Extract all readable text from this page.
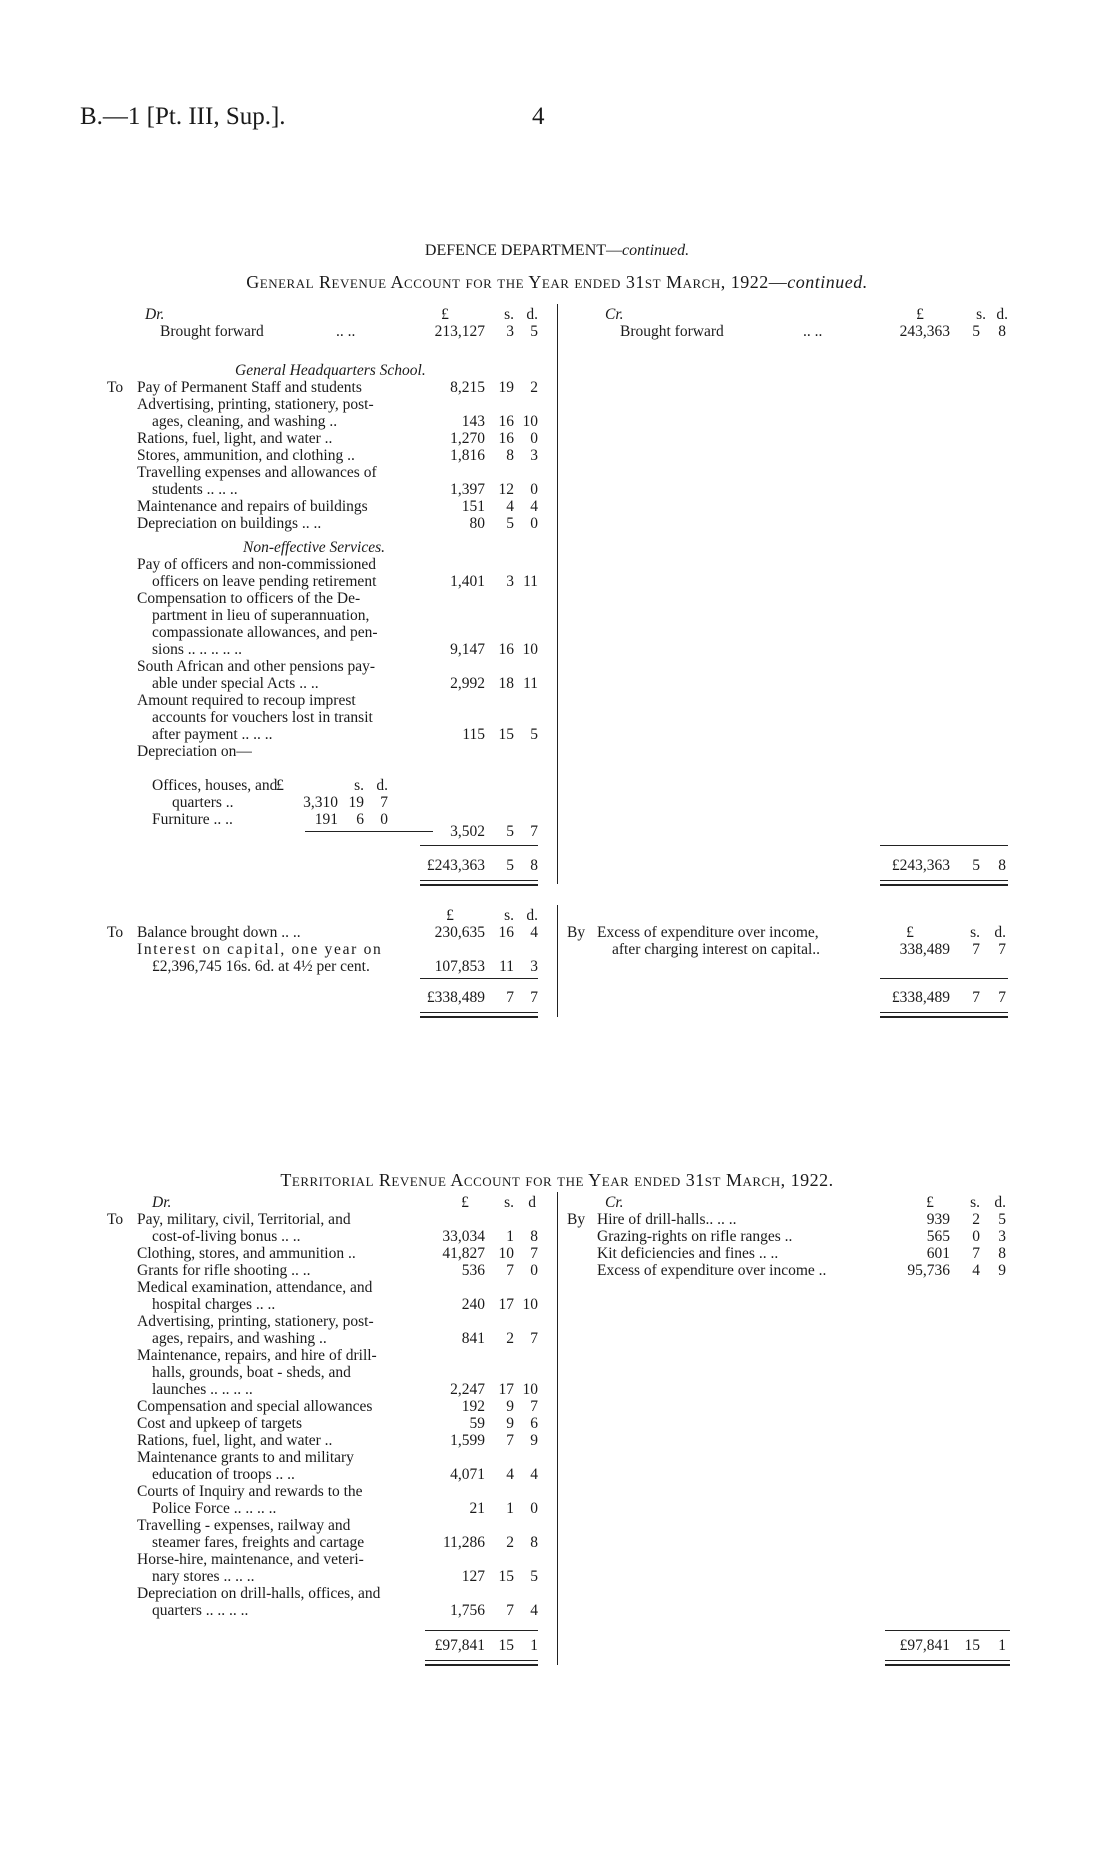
B.—1 [Pt. III, Sup.].	4
DEFENCE DEPARTMENT—continued.
General Revenue Account for the Year ended 31st March, 1922—continued.
Dr.	£	s. d.
Brought forward	.. ..	213,127	3	5
General Headquarters School.
To Pay of Permanent Staff and students	8,215 19	2
Advertising, printing, stationery, post-
ages, cleaning, and washing ..	143 16 10
Rations, fuel, light, and water ..	1,270 16	0
Stores, ammunition, and clothing ..	1,816	8	3
Travelling expenses and allowances of
students .. .. ..	1,397 12	0
Maintenance and repairs of buildings	151	4	4
Depreciation on buildings .. ..	80	5	0
Non-effective Services.
Pay of officers and non-commissioned
officers on leave pending retirement	1,401	3 11
Compensation to officers of the De-
partment in lieu of superannuation,
compassionate allowances, and pen-
sions .. .. .. .. ..	9,147 16 10
South African and other pensions pay-
able under special Acts .. ..	2,992 18 11
Amount required to recoup imprest
accounts for vouchers lost in transit
after payment .. .. ..	115 15	5
Depreciation on—
£	s. d.
Offices, houses, and
quarters ..	3,310 19	7
Furniture .. ..	191	6	0
3,502	5	7
£243,363	5	8
Cr.	£	s. d.
Brought forward	.. ..	243,363	5	8
£243,363	5	8
£	s. d.
To Balance brought down .. ..	230,635 16	4
Interest on capital, one year on
£2,396,745 16s. 6d. at 4½ per cent.	107,853 11	3
£338,489	7	7
By Excess of expenditure over income,
after charging interest on capital..
£	s. d.
338,489	7	7
£338,489	7	7
Territorial Revenue Account for the Year ended 31st March, 1922.
Dr.	£	s. d
To Pay, military, civil, Territorial, and
cost-of-living bonus .. ..	33,034	1	8
Clothing, stores, and ammunition ..	41,827 10	7
Grants for rifle shooting .. ..	536	7	0
Medical examination, attendance, and
hospital charges .. ..	240 17 10
Advertising, printing, stationery, post-
ages, repairs, and washing ..	841	2	7
Maintenance, repairs, and hire of drill-
halls, grounds, boat - sheds, and
launches .. .. .. ..	2,247 17 10
Compensation and special allowances	192	9	7
Cost and upkeep of targets	59	9	6
Rations, fuel, light, and water ..	1,599	7	9
Maintenance grants to and military
education of troops .. ..	4,071	4	4
Courts of Inquiry and rewards to the
Police Force .. .. .. ..	21	1	0
Travelling - expenses, railway and
steamer fares, freights and cartage	11,286	2	8
Horse-hire, maintenance, and veteri-
nary stores .. .. ..	127 15	5
Depreciation on drill-halls, offices, and
quarters .. .. .. ..	1,756	7	4
£97,841 15	1
Cr.	£	s. d.
By Hire of drill-halls.. .. ..	939	2	5
Grazing-rights on rifle ranges ..	565	0	3
Kit deficiencies and fines .. ..	601	7	8
Excess of expenditure over income ..	95,736	4	9
£97,841 15	1
